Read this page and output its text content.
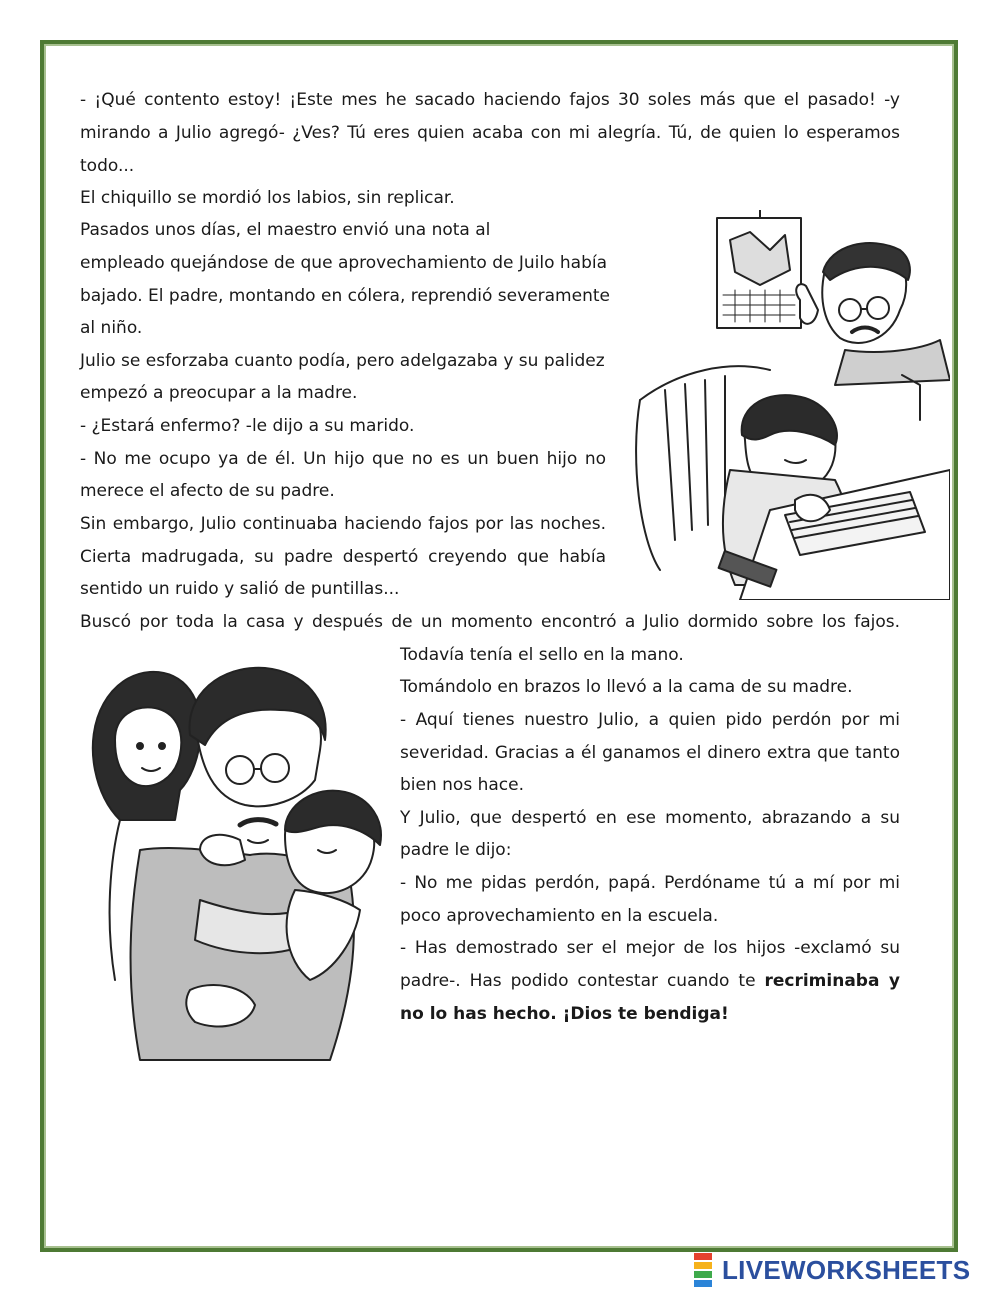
- ¡Qué contento estoy! ¡Este mes he sacado haciendo fajos 30 soles más que el pasado! -y

mirando a Julio agregó- ¿Ves? Tú eres quien acaba con mi alegría. Tú, de quien lo esperamos

todo...

El chiquillo se mordió los labios, sin replicar.

Pasados unos días, el maestro envió una nota al

empleado quejándose de que aprovechamiento de Juilo había

bajado. El padre, montando en cólera, reprendió severamente

al niño.

Julio se esforzaba cuanto podía, pero adelgazaba y su palidez

empezó a preocupar a la madre.

- ¿Estará enfermo? -le dijo a su marido.

- No me ocupo ya de él. Un hijo que no es un buen hijo no

merece el afecto de su padre.

Sin embargo, Julio continuaba haciendo fajos por las noches.

Cierta madrugada, su padre despertó creyendo que había

sentido un ruido y salió de puntillas...

Buscó por toda la casa y después de un momento encontró a Julio dormido sobre los fajos.

Todavía tenía el sello en la mano.

Tomándolo en brazos lo llevó a la cama de su madre.

- Aquí tienes nuestro Julio, a quien pido perdón por mi

severidad. Gracias a él ganamos el dinero extra que tanto

bien nos hace.

Y Julio, que despertó en ese momento, abrazando a su

padre le dijo:

- No me pidas perdón, papá. Perdóname tú a mí por mi

poco aprovechamiento en la escuela.

- Has demostrado ser el mejor de los hijos -exclamó su

padre-. Has podido contestar cuando te recriminaba y

no lo has hecho. ¡Dios te bendiga!

LIVEWORKSHEETS
